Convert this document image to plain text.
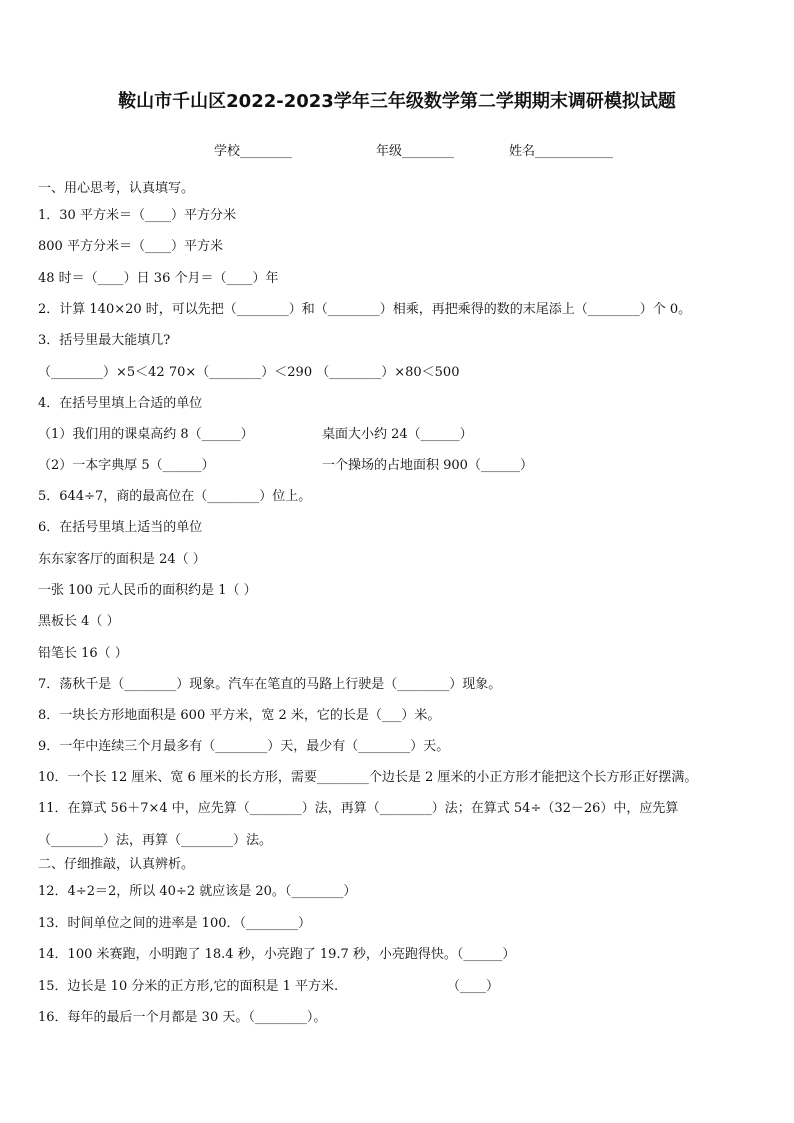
鞍山市千山区2022-2023学年三年级数学第二学期期末调研模拟试题
学校________	年级________	姓名____________
一、用心思考，认真填写。
1．30 平方米＝（____）平方分米
800 平方分米＝（____）平方米
48 时＝（____）日 36 个月＝（____）年
2．计算 140×20 时，可以先把（________）和（________）相乘，再把乘得的数的末尾添上（________）个 0。
3．括号里最大能填几?
（________）×5＜42 70×（________）＜290 （________）×80＜500
4．在括号里填上合适的单位
（1）我们用的课桌高约 8（______）	桌面大小约 24（______）
（2）一本字典厚 5（______）	一个操场的占地面积 900（______）
5．644÷7，商的最高位在（________）位上。
6．在括号里填上适当的单位
东东家客厅的面积是 24（ ）
一张 100 元人民币的面积约是 1（ ）
黑板长 4（ ）
铅笔长 16（ ）
7．荡秋千是（________）现象。汽车在笔直的马路上行驶是（________）现象。
8．一块长方形地面积是 600 平方米，宽 2 米，它的长是（___）米。
9．一年中连续三个月最多有（________）天，最少有（________）天。
10．一个长 12 厘米、宽 6 厘米的长方形，需要________个边长是 2 厘米的小正方形才能把这个长方形正好摆满。
11．在算式 56＋7×4 中，应先算（________）法，再算（________）法；在算式 54÷（32－26）中，应先算
（________）法，再算（________）法。
二、仔细推敲，认真辨析。
12．4÷2＝2，所以 40÷2 就应该是 20。（________）
13．时间单位之间的进率是 100．（________）
14．100 米赛跑，小明跑了 18.4 秒，小亮跑了 19.7 秒，小亮跑得快。（______）
15．边长是 10 分米的正方形,它的面积是 1 平方米.	（____）
16．每年的最后一个月都是 30 天。（________）。
